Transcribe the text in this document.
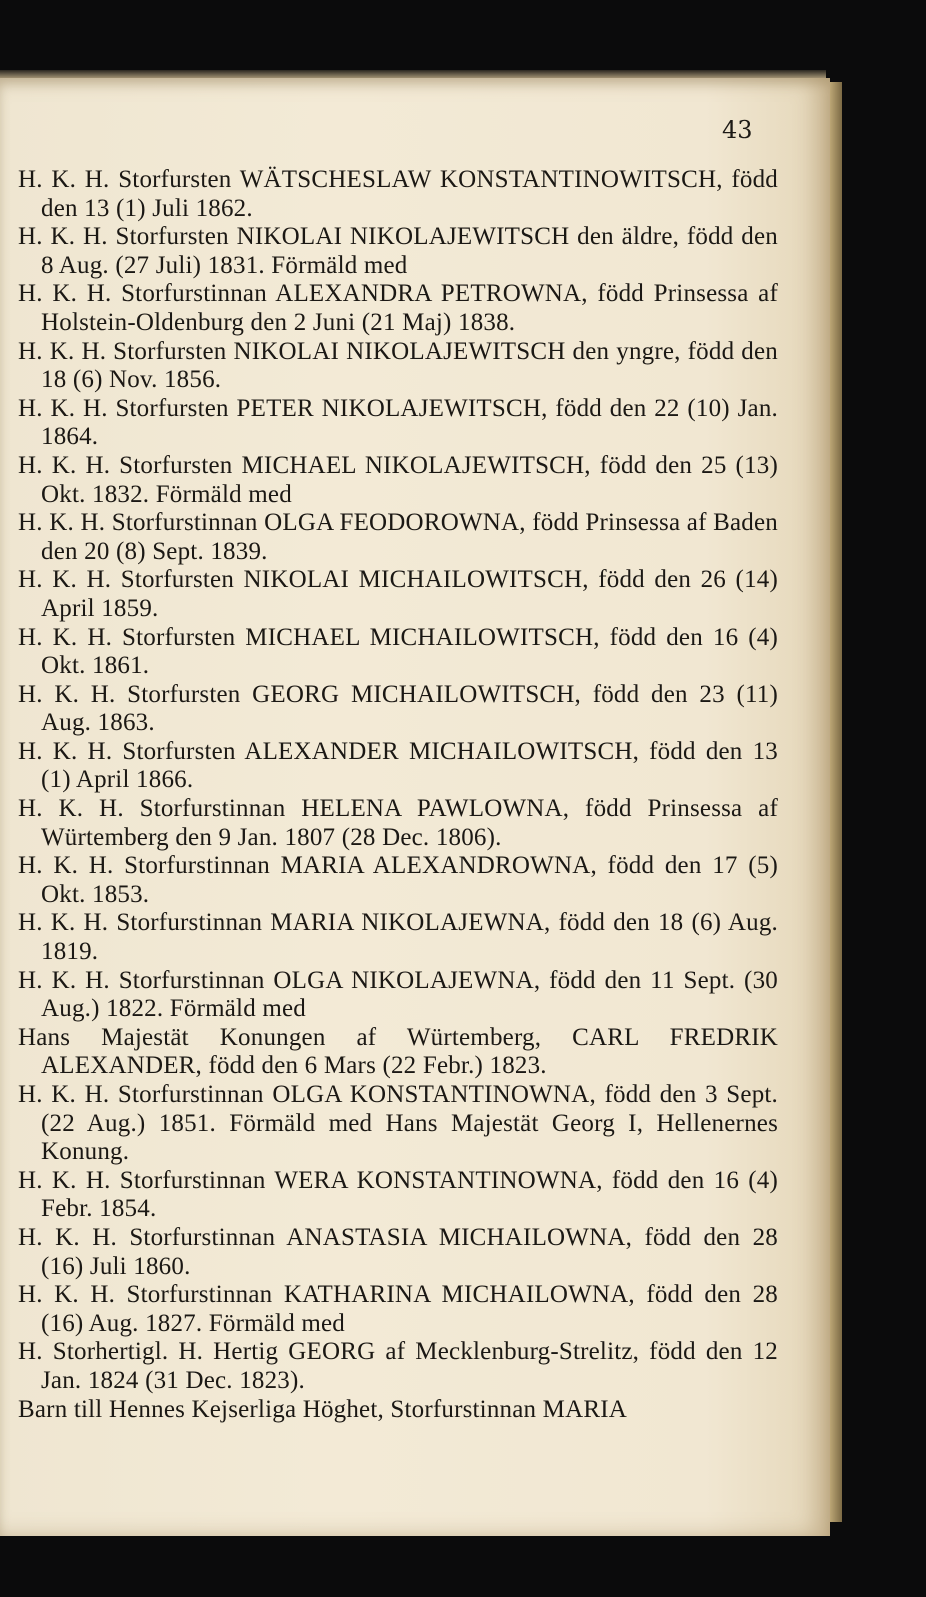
43

H. K. H. Storfursten WÄTSCHESLAW KONSTANTINOWITSCH, född den 13 (1) Juli 1862.

H. K. H. Storfursten NIKOLAI NIKOLAJEWITSCH den äldre, född den 8 Aug. (27 Juli) 1831. Förmäld med

H. K. H. Storfurstinnan ALEXANDRA PETROWNA, född Prinsessa af Holstein-Oldenburg den 2 Juni (21 Maj) 1838.

H. K. H. Storfursten NIKOLAI NIKOLAJEWITSCH den yngre, född den 18 (6) Nov. 1856.

H. K. H. Storfursten PETER NIKOLAJEWITSCH, född den 22 (10) Jan. 1864.

H. K. H. Storfursten MICHAEL NIKOLAJEWITSCH, född den 25 (13) Okt. 1832. Förmäld med

H. K. H. Storfurstinnan OLGA FEODOROWNA, född Prinsessa af Baden den 20 (8) Sept. 1839.

H. K. H. Storfursten NIKOLAI MICHAILOWITSCH, född den 26 (14) April 1859.

H. K. H. Storfursten MICHAEL MICHAILOWITSCH, född den 16 (4) Okt. 1861.

H. K. H. Storfursten GEORG MICHAILOWITSCH, född den 23 (11) Aug. 1863.

H. K. H. Storfursten ALEXANDER MICHAILOWITSCH, född den 13 (1) April 1866.

H. K. H. Storfurstinnan HELENA PAWLOWNA, född Prinsessa af Würtemberg den 9 Jan. 1807 (28 Dec. 1806).

H. K. H. Storfurstinnan MARIA ALEXANDROWNA, född den 17 (5) Okt. 1853.

H. K. H. Storfurstinnan MARIA NIKOLAJEWNA, född den 18 (6) Aug. 1819.

H. K. H. Storfurstinnan OLGA NIKOLAJEWNA, född den 11 Sept. (30 Aug.) 1822. Förmäld med

Hans Majestät Konungen af Würtemberg, CARL FREDRIK ALEXANDER, född den 6 Mars (22 Febr.) 1823.

H. K. H. Storfurstinnan OLGA KONSTANTINOWNA, född den 3 Sept. (22 Aug.) 1851. Förmäld med Hans Majestät Georg I, Hellenernes Konung.

H. K. H. Storfurstinnan WERA KONSTANTINOWNA, född den 16 (4) Febr. 1854.

H. K. H. Storfurstinnan ANASTASIA MICHAILOWNA, född den 28 (16) Juli 1860.

H. K. H. Storfurstinnan KATHARINA MICHAILOWNA, född den 28 (16) Aug. 1827. Förmäld med

H. Storhertigl. H. Hertig GEORG af Mecklenburg-Strelitz, född den 12 Jan. 1824 (31 Dec. 1823).

Barn till Hennes Kejserliga Höghet, Storfurstinnan MARIA
